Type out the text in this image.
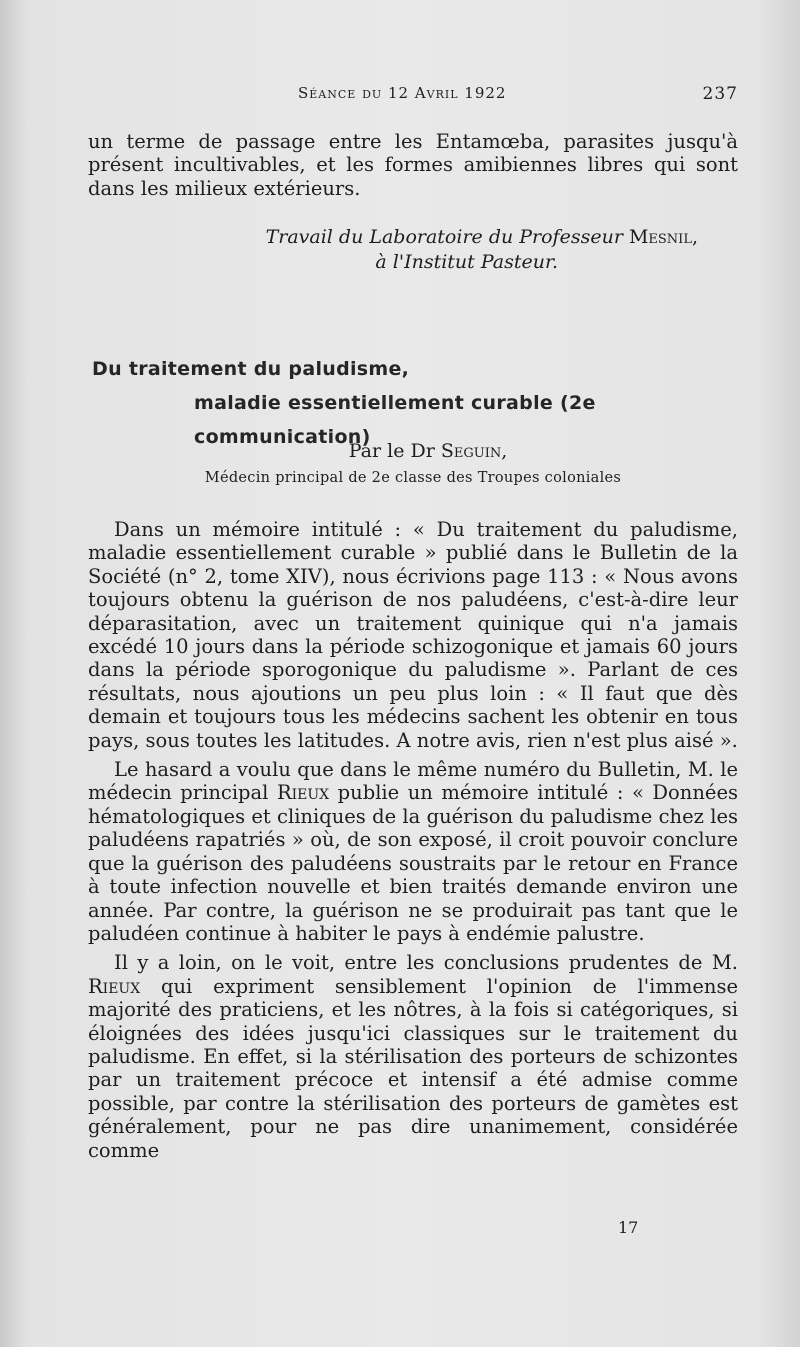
Séance du 12 Avril 1922	237

un terme de passage entre les Entamœba, parasites jusqu'à présent incultivables, et les formes amibiennes libres qui sont dans les milieux extérieurs.

Travail du Laboratoire du Professeur Mesnil,
à l'Institut Pasteur.
Du traitement du paludisme,
maladie essentiellement curable (2e communication)
Par le Dr Seguin,
Médecin principal de 2e classe des Troupes coloniales

Dans un mémoire intitulé : « Du traitement du paludisme, maladie essentiellement curable » publié dans le Bulletin de la Société (n° 2, tome XIV), nous écrivions page 113 : « Nous avons toujours obtenu la guérison de nos paludéens, c'est-à-dire leur déparasitation, avec un traitement quinique qui n'a jamais excédé 10 jours dans la période schizogonique et jamais 60 jours dans la période sporogonique du paludisme ». Parlant de ces résultats, nous ajoutions un peu plus loin : « Il faut que dès demain et toujours tous les médecins sachent les obtenir en tous pays, sous toutes les latitudes. A notre avis, rien n'est plus aisé ».

Le hasard a voulu que dans le même numéro du Bulletin, M. le médecin principal Rieux publie un mémoire intitulé : « Données hématologiques et cliniques de la guérison du paludisme chez les paludéens rapatriés » où, de son exposé, il croit pouvoir conclure que la guérison des paludéens soustraits par le retour en France à toute infection nouvelle et bien traités demande environ une année. Par contre, la guérison ne se produirait pas tant que le paludéen continue à habiter le pays à endémie palustre.

Il y a loin, on le voit, entre les conclusions prudentes de M. Rieux qui expriment sensiblement l'opinion de l'immense majorité des praticiens, et les nôtres, à la fois si catégoriques, si éloignées des idées jusqu'ici classiques sur le traitement du paludisme. En effet, si la stérilisation des porteurs de schizontes par un traitement précoce et intensif a été admise comme possible, par contre la stérilisation des porteurs de gamètes est généralement, pour ne pas dire unanimement, considérée comme

17
